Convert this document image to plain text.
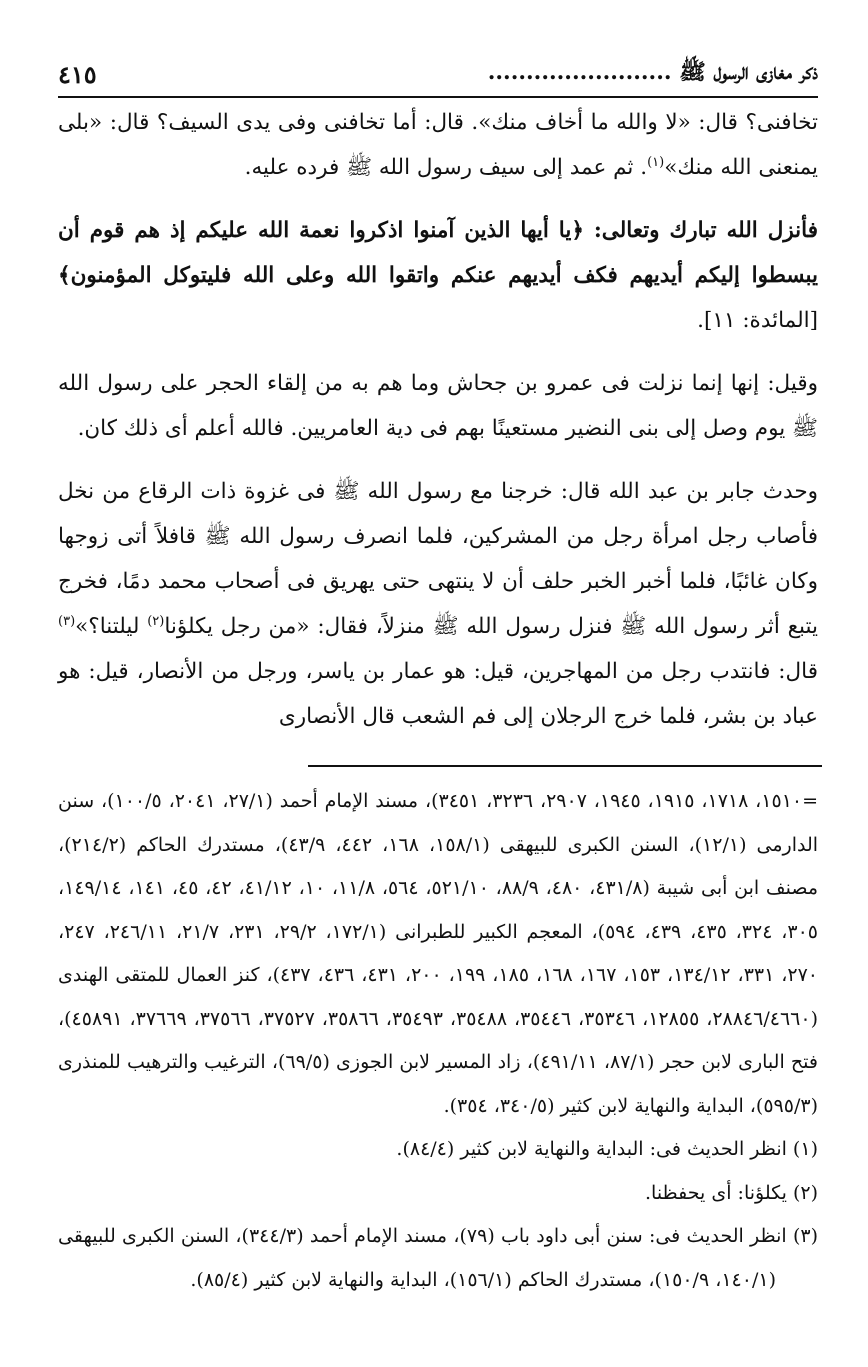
ذكر مغازى الرسول ﷺ ........................
٤١٥

تخافنى؟ قال: «لا والله ما أخاف منك». قال: أما تخافنى وفى يدى السيف؟ قال: «بلى يمنعنى الله منك»$^{(١)}$. ثم عمد إلى سيف رسول الله ﷺ فرده عليه.

فأنزل الله تبارك وتعالى: ﴿يا أيها الذين آمنوا اذكروا نعمة الله عليكم إذ هم قوم أن يبسطوا إليكم أيديهم فكف أيديهم عنكم واتقوا الله وعلى الله فليتوكل المؤمنون﴾ [المائدة: ١١].

وقيل: إنها إنما نزلت فى عمرو بن جحاش وما هم به من إلقاء الحجر على رسول الله ﷺ يوم وصل إلى بنى النضير مستعينًا بهم فى دية العامريين. فالله أعلم أى ذلك كان.

وحدث جابر بن عبد الله قال: خرجنا مع رسول الله ﷺ فى غزوة ذات الرقاع من نخل فأصاب رجل امرأة رجل من المشركين، فلما انصرف رسول الله ﷺ قافلاً أتى زوجها وكان غائبًا، فلما أخبر الخبر حلف أن لا ينتهى حتى يهريق فى أصحاب محمد دمًا، فخرج يتبع أثر رسول الله ﷺ فنزل رسول الله ﷺ منزلاً، فقال: «من رجل يكلؤنا$^{(٢)}$ ليلتنا؟»$^{(٣)}$ قال: فانتدب رجل من المهاجرين، قيل: هو عمار بن ياسر، ورجل من الأنصار، قيل: هو عباد بن بشر، فلما خرج الرجلان إلى فم الشعب قال الأنصارى

=١٥١٠، ١٧١٨، ١٩١٥، ١٩٤٥، ٢٩٠٧، ٣٢٣٦، ٣٤٥١)، مسند الإمام أحمد (٢٧/١، ٢٠٤١، ١٠٠/٥)، سنن الدارمى (١٢/١)، السنن الكبرى للبيهقى (١٥٨/١، ١٦٨، ٤٤٢، ٤٣/٩)، مستدرك الحاكم (٢١٤/٢)، مصنف ابن أبى شيبة (٤٣١/٨، ٤٨٠، ٨٨/٩، ٥٢١/١٠، ٥٦٤، ١١/٨، ١٠، ٤١/١٢، ٤٢، ٤٥، ١٤١، ١٤٩/١٤، ٣٠٥، ٣٢٤، ٤٣٥، ٤٣٩، ٥٩٤)، المعجم الكبير للطبرانى (١٧٢/١، ٢٩/٢، ٢٣١، ٢١/٧، ٢٤٦/١١، ٢٤٧، ٢٧٠، ٣٣١، ١٣٤/١٢، ١٥٣، ١٦٧، ١٦٨، ١٨٥، ١٩٩، ٢٠٠، ٤٣١، ٤٣٦، ٤٣٧)، كنز العمال للمتقى الهندى (٢٨٨٤٦/٤٦٦٠، ١٢٨٥٥، ٣٥٣٤٦، ٣٥٤٤٦، ٣٥٤٨٨، ٣٥٤٩٣، ٣٥٨٦٦، ٣٧٥٢٧، ٣٧٥٦٦، ٣٧٦٦٩، ٤٥٨٩١)، فتح البارى لابن حجر (٨٧/١، ٤٩١/١١)، زاد المسير لابن الجوزى (٦٩/٥)، الترغيب والترهيب للمنذرى (٥٩٥/٣)، البداية والنهاية لابن كثير (٣٤٠/٥، ٣٥٤).

(١) انظر الحديث فى: البداية والنهاية لابن كثير (٨٤/٤).

(٢) يكلؤنا: أى يحفظنا.

(٣) انظر الحديث فى: سنن أبى داود باب (٧٩)، مسند الإمام أحمد (٣٤٤/٣)، السنن الكبرى للبيهقى (١٤٠/١، ١٥٠/٩)، مستدرك الحاكم (١٥٦/١)، البداية والنهاية لابن كثير (٨٥/٤).
